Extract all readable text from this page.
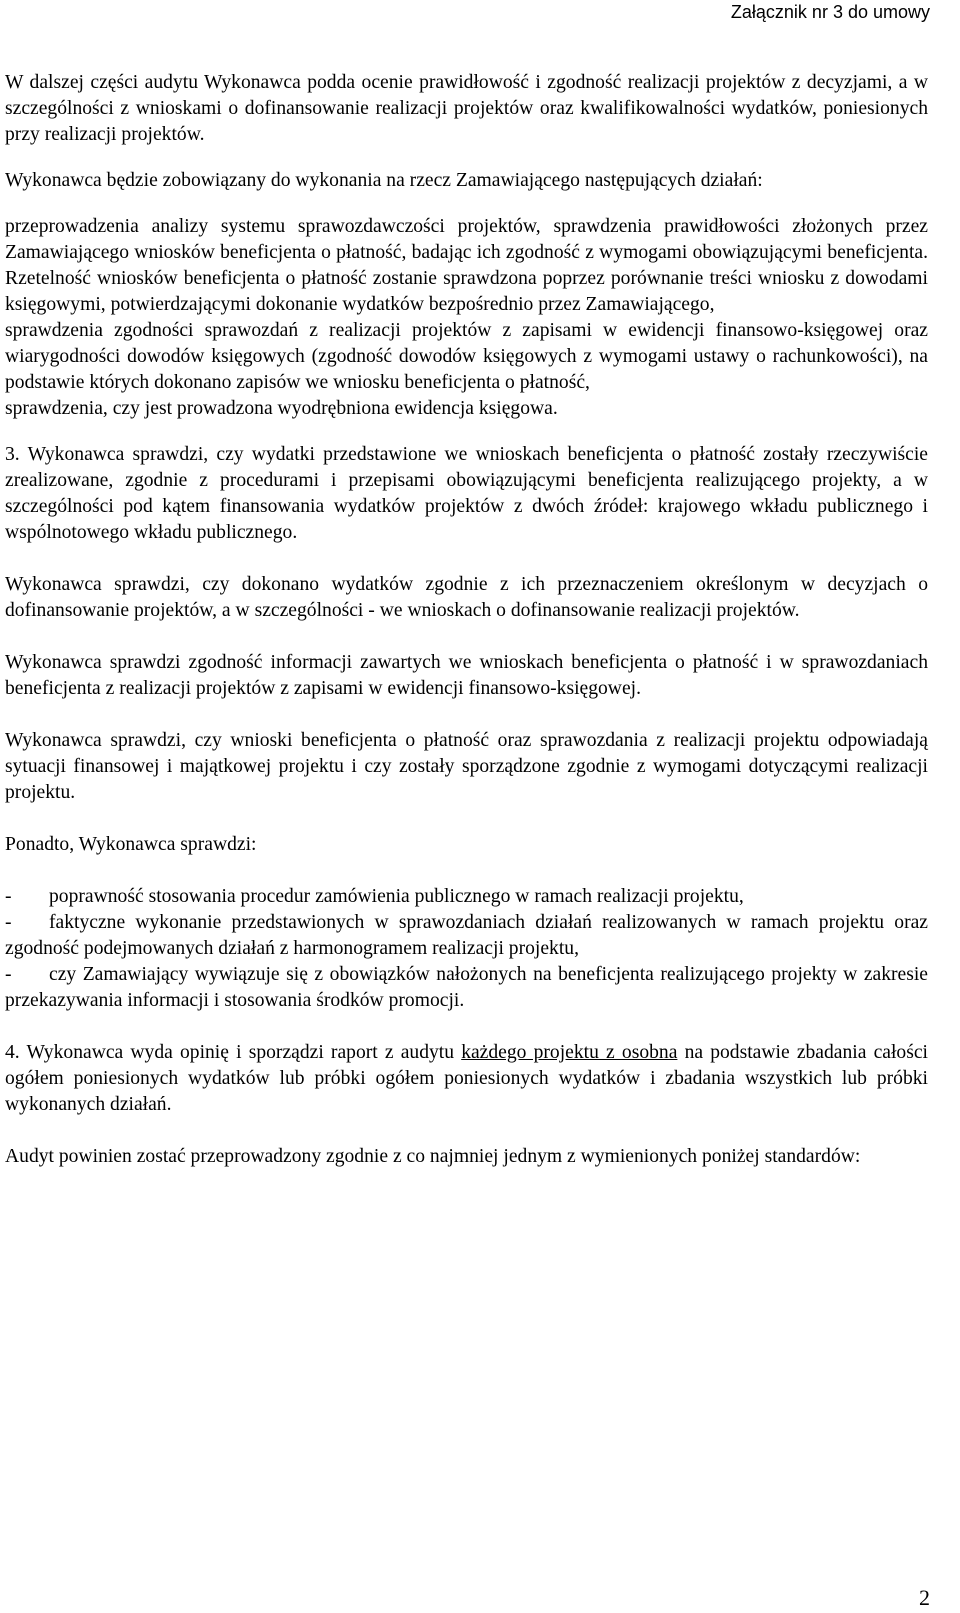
Załącznik nr 3 do umowy

W dalszej części audytu Wykonawca podda ocenie prawidłowość i zgodność realizacji projektów z decyzjami, a w szczególności z wnioskami o dofinansowanie realizacji projektów oraz kwalifikowalności wydatków, poniesionych przy realizacji projektów.

Wykonawca będzie zobowiązany do wykonania na rzecz Zamawiającego następujących działań:

przeprowadzenia analizy systemu sprawozdawczości projektów, sprawdzenia prawidłowości złożonych przez Zamawiającego wniosków beneficjenta o płatność, badając ich zgodność z wymogami obowiązującymi beneficjenta. Rzetelność wniosków beneficjenta o płatność zostanie sprawdzona poprzez porównanie treści wniosku z dowodami księgowymi, potwierdzającymi dokonanie wydatków bezpośrednio przez Zamawiającego,

sprawdzenia zgodności sprawozdań z realizacji projektów z zapisami w ewidencji finansowo-księgowej oraz wiarygodności dowodów księgowych (zgodność dowodów księgowych z wymogami ustawy o rachunkowości), na podstawie których dokonano zapisów we wniosku beneficjenta o płatność,

sprawdzenia, czy jest prowadzona wyodrębniona ewidencja księgowa.

3. Wykonawca sprawdzi, czy wydatki przedstawione we wnioskach beneficjenta o płatność zostały rzeczywiście zrealizowane, zgodnie z procedurami i przepisami obowiązującymi beneficjenta realizującego projekty, a w szczególności pod kątem finansowania wydatków projektów z dwóch źródeł: krajowego wkładu publicznego i wspólnotowego wkładu publicznego.

Wykonawca sprawdzi, czy dokonano wydatków zgodnie z ich przeznaczeniem określonym w decyzjach o dofinansowanie projektów, a w szczególności - we wnioskach o dofinansowanie realizacji projektów.

Wykonawca sprawdzi zgodność informacji zawartych we wnioskach beneficjenta o płatność i w sprawozdaniach beneficjenta z realizacji projektów z zapisami w ewidencji finansowo-księgowej.

Wykonawca sprawdzi, czy wnioski beneficjenta o płatność oraz sprawozdania z realizacji projektu odpowiadają sytuacji finansowej i majątkowej projektu i czy zostały sporządzone zgodnie z wymogami dotyczącymi realizacji projektu.

Ponadto, Wykonawca sprawdzi:

- poprawność stosowania procedur zamówienia publicznego w ramach realizacji projektu,

- faktyczne wykonanie przedstawionych w sprawozdaniach działań realizowanych w ramach projektu oraz zgodność podejmowanych działań z harmonogramem realizacji projektu,

- czy Zamawiający wywiązuje się z obowiązków nałożonych na beneficjenta realizującego projekty w zakresie przekazywania informacji i stosowania środków promocji.

4. Wykonawca wyda opinię i sporządzi raport z audytu każdego projektu z osobna na podstawie zbadania całości ogółem poniesionych wydatków lub próbki ogółem poniesionych wydatków i zbadania wszystkich lub próbki wykonanych działań.

Audyt powinien zostać przeprowadzony zgodnie z co najmniej jednym z wymienionych poniżej standardów:

2
